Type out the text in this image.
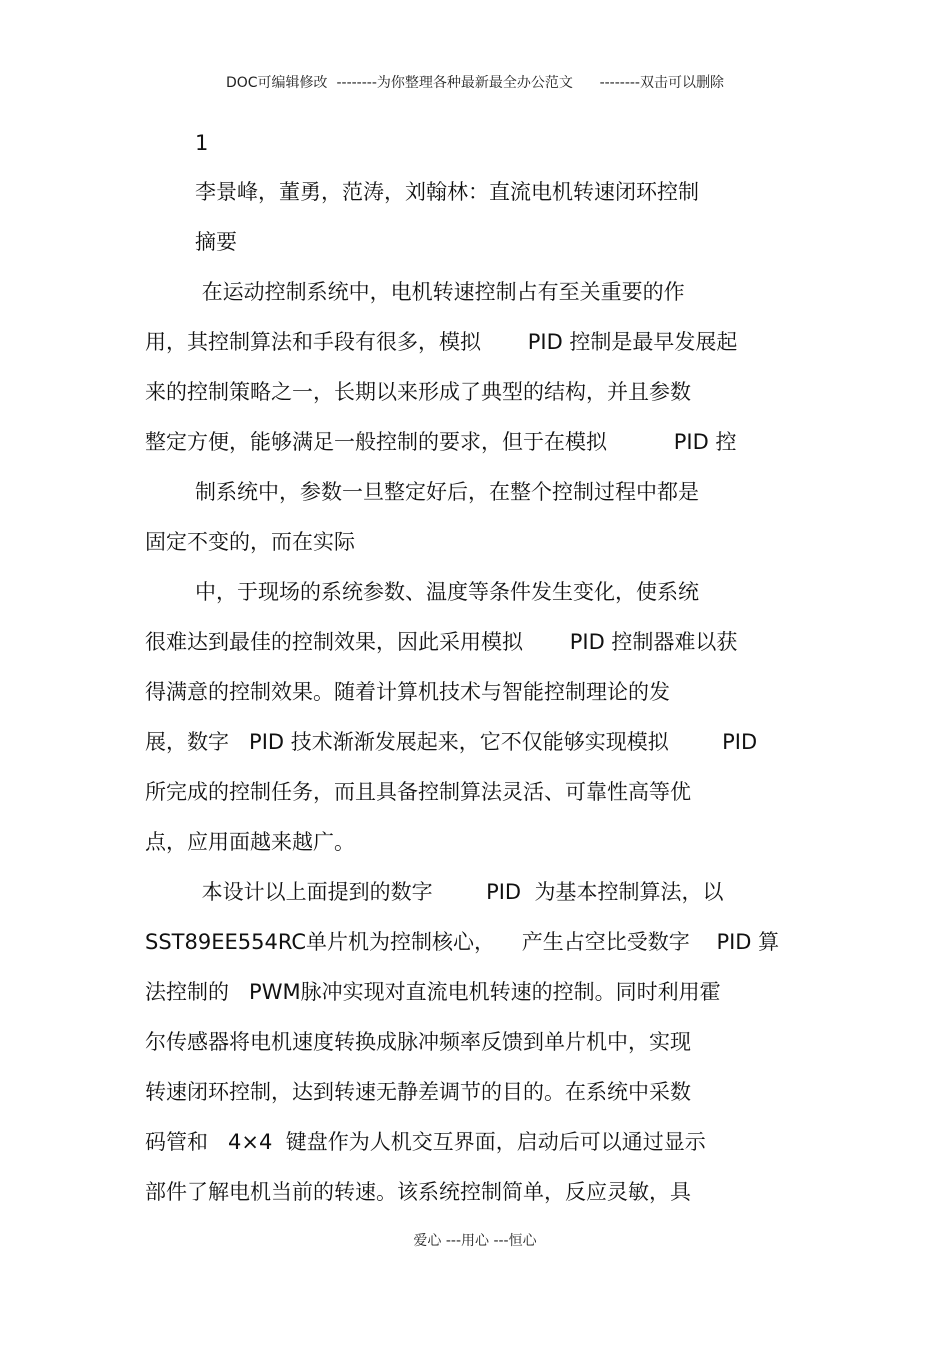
DOC可编辑修改  --------为你整理各种最新最全办公范文      --------双击可以删除
1
李景峰，董勇，范涛，刘翰林：直流电机转速闭环控制
摘要
在运动控制系统中，电机转速控制占有至关重要的作
用，其控制算法和手段有很多，模拟       PID 控制是最早发展起
来的控制策略之一，长期以来形成了典型的结构，并且参数
整定方便，能够满足一般控制的要求，但于在模拟          PID 控
制系统中，参数一旦整定好后，在整个控制过程中都是
固定不变的，而在实际
中，于现场的系统参数、温度等条件发生变化，使系统
很难达到最佳的控制效果，因此采用模拟       PID 控制器难以获
得满意的控制效果。随着计算机技术与智能控制理论的发
展，数字   PID 技术渐渐发展起来，它不仅能够实现模拟        PID
所完成的控制任务，而且具备控制算法灵活、可靠性高等优
点，应用面越来越广。
本设计以上面提到的数字        PID  为基本控制算法，以
SST89EE554RC单片机为控制核心，    产生占空比受数字    PID 算
法控制的   PWM脉冲实现对直流电机转速的控制。同时利用霍
尔传感器将电机速度转换成脉冲频率反馈到单片机中，实现
转速闭环控制，达到转速无静差调节的目的。在系统中采数
码管和   4×4  键盘作为人机交互界面，启动后可以通过显示
部件了解电机当前的转速。该系统控制简单，反应灵敏，具
爱心 ---用心 ---恒心
